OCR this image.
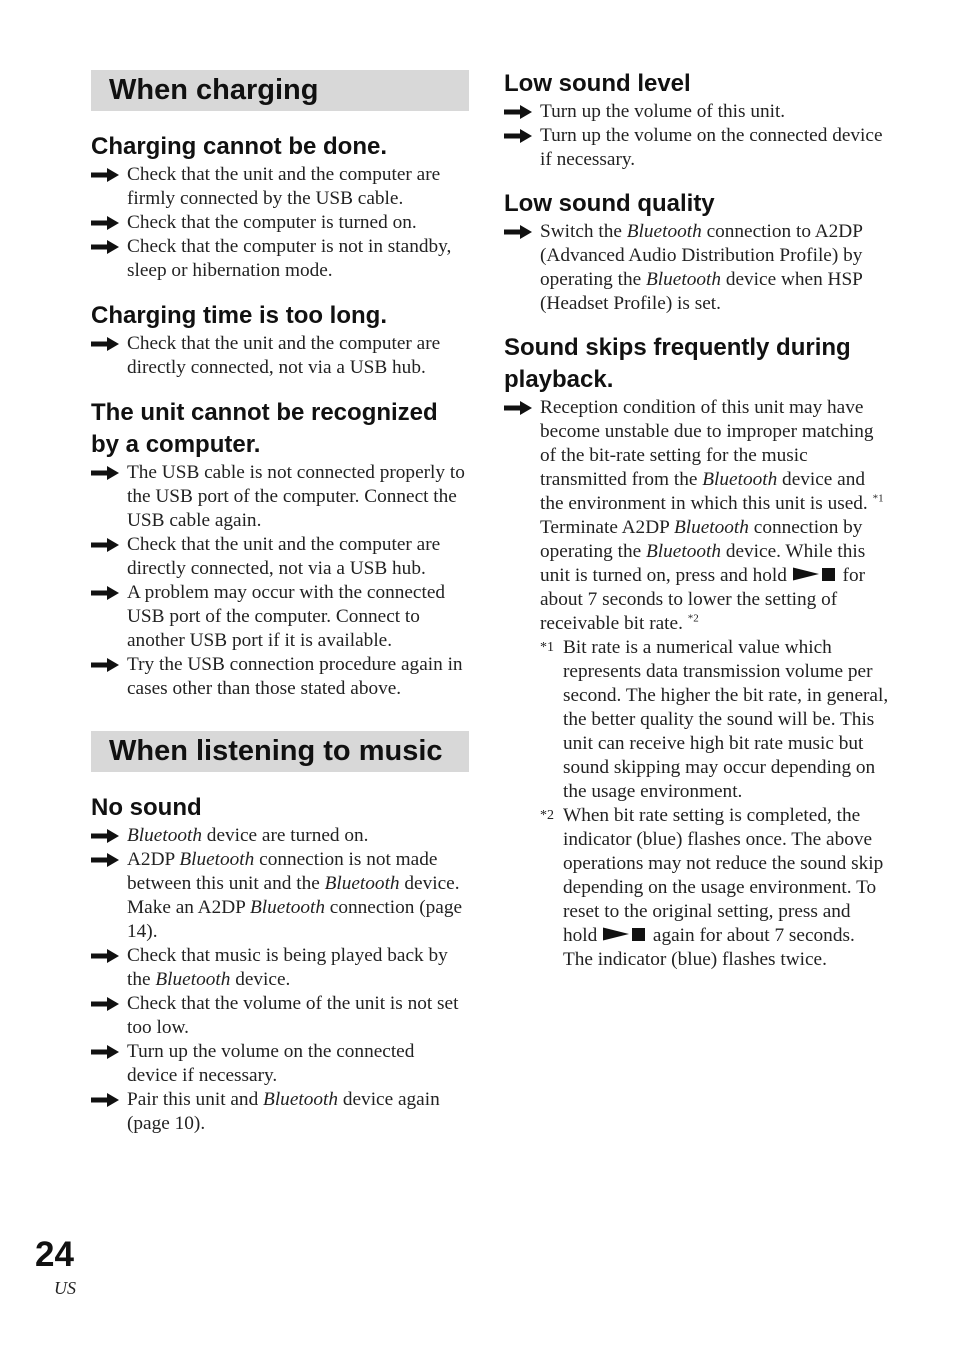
When charging
Charging cannot be done.
Check that the unit and the computer are firmly connected by the USB cable.
Check that the computer is turned on.
Check that the computer is not in standby, sleep or hibernation mode.
Charging time is too long.
Check that the unit and the computer are directly connected, not via a USB hub.
The unit cannot be recognized by a computer.
The USB cable is not connected properly to the USB port of the computer. Connect the USB cable again.
Check that the unit and the computer are directly connected, not via a USB hub.
A problem may occur with the connected USB port of the computer. Connect to another USB port if it is available.
Try the USB connection procedure again in cases other than those stated above.
When listening to music
No sound
Bluetooth device are turned on.
A2DP Bluetooth connection is not made between this unit and the Bluetooth device. Make an A2DP Bluetooth connection (page 14).
Check that music is being played back by the Bluetooth device.
Check that the volume of the unit is not set too low.
Turn up the volume on the connected device if necessary.
Pair this unit and Bluetooth device again (page 10).
Low sound level
Turn up the volume of this unit.
Turn up the volume on the connected device if necessary.
Low sound quality
Switch the Bluetooth connection to A2DP (Advanced Audio Distribution Profile) by operating the Bluetooth device when HSP (Headset Profile) is set.
Sound skips frequently during playback.
Reception condition of this unit may have become unstable due to improper matching of the bit-rate setting for the music transmitted from the Bluetooth device and the environment in which this unit is used. $^{*1}$
Terminate A2DP Bluetooth connection by operating the Bluetooth device. While this unit is turned on, press and hold  for about 7 seconds to lower the setting of receivable bit rate. $^{*2}$
*1 Bit rate is a numerical value which represents data transmission volume per second. The higher the bit rate, in general, the better quality the sound will be. This unit can receive high bit rate music but sound skipping may occur depending on the usage environment.
*2 When bit rate setting is completed, the indicator (blue) flashes once. The above operations may not reduce the sound skip depending on the usage environment. To reset to the original setting, press and hold  again for about 7 seconds. The indicator (blue) flashes twice.
24
US
